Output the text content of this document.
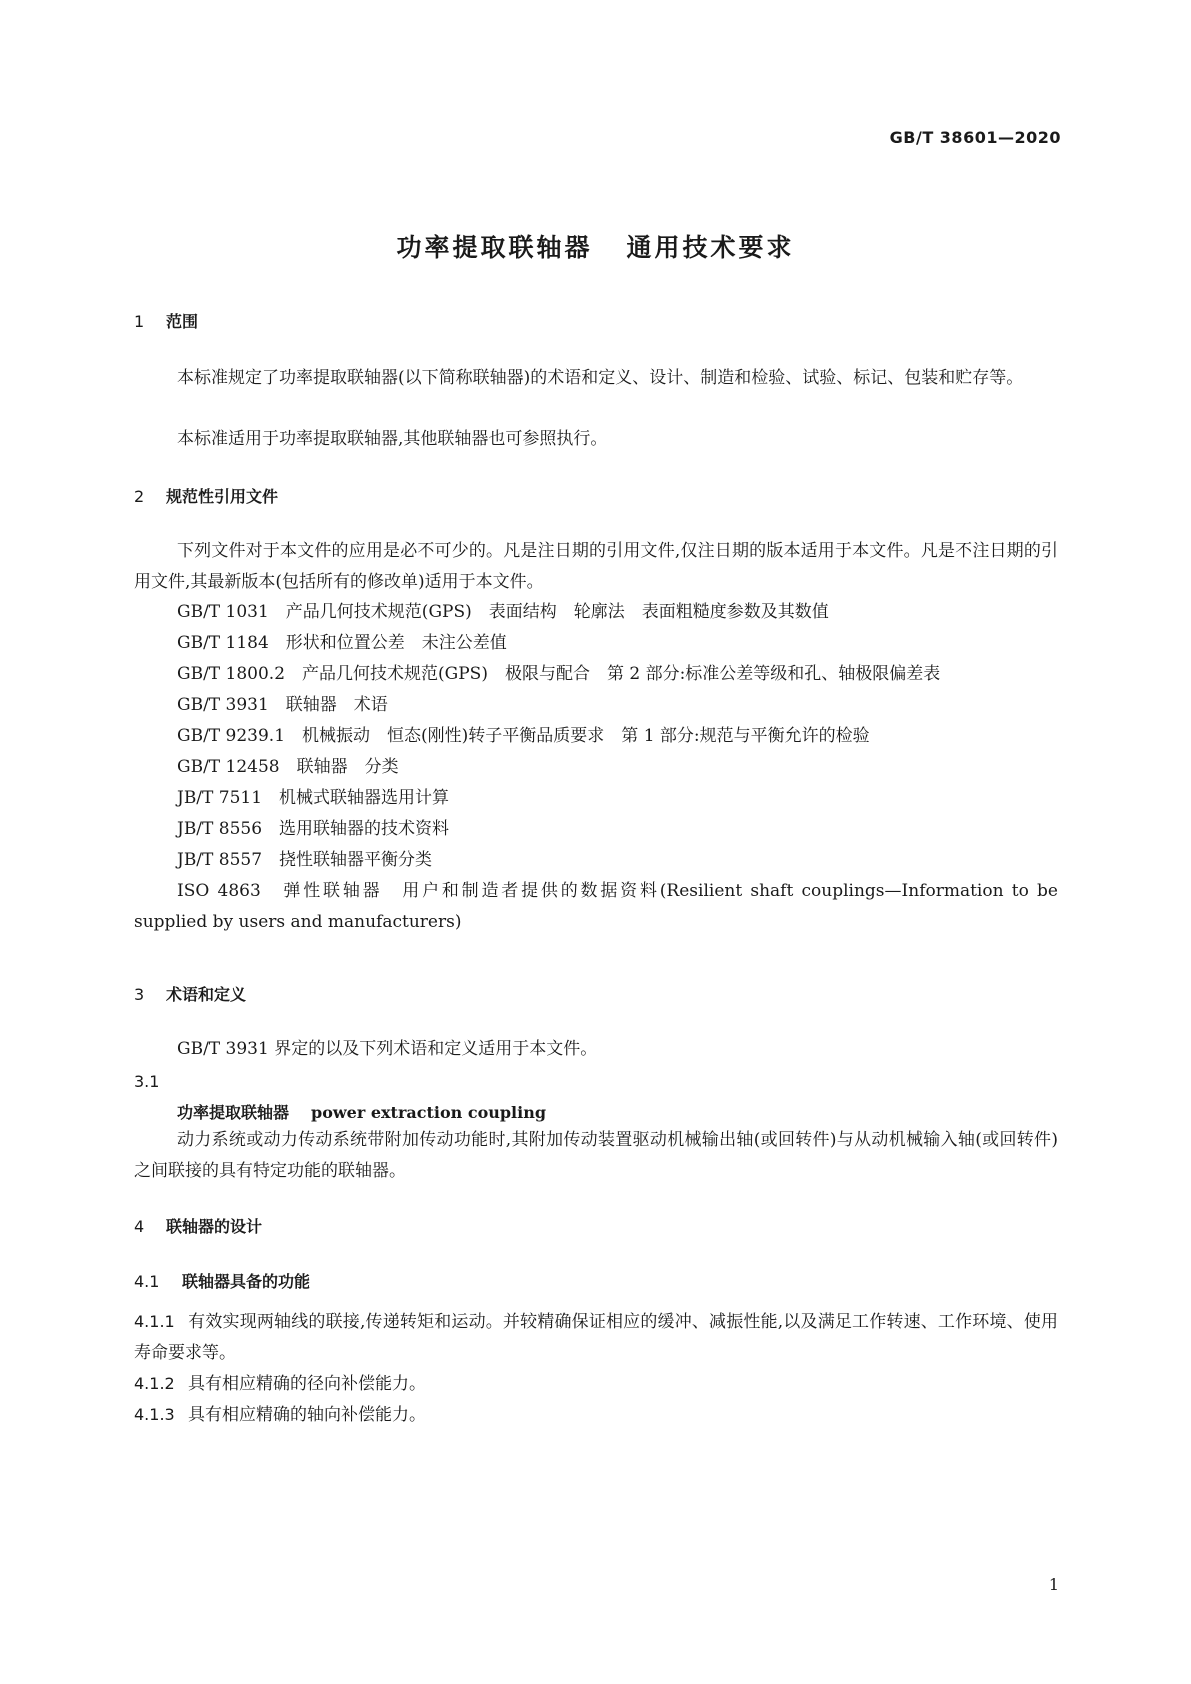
GB/T 38601—2020
功率提取联轴器 通用技术要求
1 范围
本标准规定了功率提取联轴器(以下简称联轴器)的术语和定义、设计、制造和检验、试验、标记、包装和贮存等。
本标准适用于功率提取联轴器,其他联轴器也可参照执行。
2 规范性引用文件
下列文件对于本文件的应用是必不可少的。凡是注日期的引用文件,仅注日期的版本适用于本文件。凡是不注日期的引用文件,其最新版本(包括所有的修改单)适用于本文件。
GB/T 1031　产品几何技术规范(GPS)　表面结构　轮廓法　表面粗糙度参数及其数值
GB/T 1184　形状和位置公差　未注公差值
GB/T 1800.2　产品几何技术规范(GPS)　极限与配合　第 2 部分:标准公差等级和孔、轴极限偏差表
GB/T 3931　联轴器　术语
GB/T 9239.1　机械振动　恒态(刚性)转子平衡品质要求　第 1 部分:规范与平衡允许的检验
GB/T 12458　联轴器　分类
JB/T 7511　机械式联轴器选用计算
JB/T 8556　选用联轴器的技术资料
JB/T 8557　挠性联轴器平衡分类
ISO 4863　弹性联轴器　用户和制造者提供的数据资料(Resilient shaft couplings—Information to be supplied by users and manufacturers)
3 术语和定义
GB/T 3931 界定的以及下列术语和定义适用于本文件。
3.1
功率提取联轴器 power extraction coupling
动力系统或动力传动系统带附加传动功能时,其附加传动装置驱动机械输出轴(或回转件)与从动机械输入轴(或回转件)之间联接的具有特定功能的联轴器。
4 联轴器的设计
4.1 联轴器具备的功能
4.1.1 有效实现两轴线的联接,传递转矩和运动。并较精确保证相应的缓冲、减振性能,以及满足工作转速、工作环境、使用寿命要求等。
4.1.2 具有相应精确的径向补偿能力。
4.1.3 具有相应精确的轴向补偿能力。
1
